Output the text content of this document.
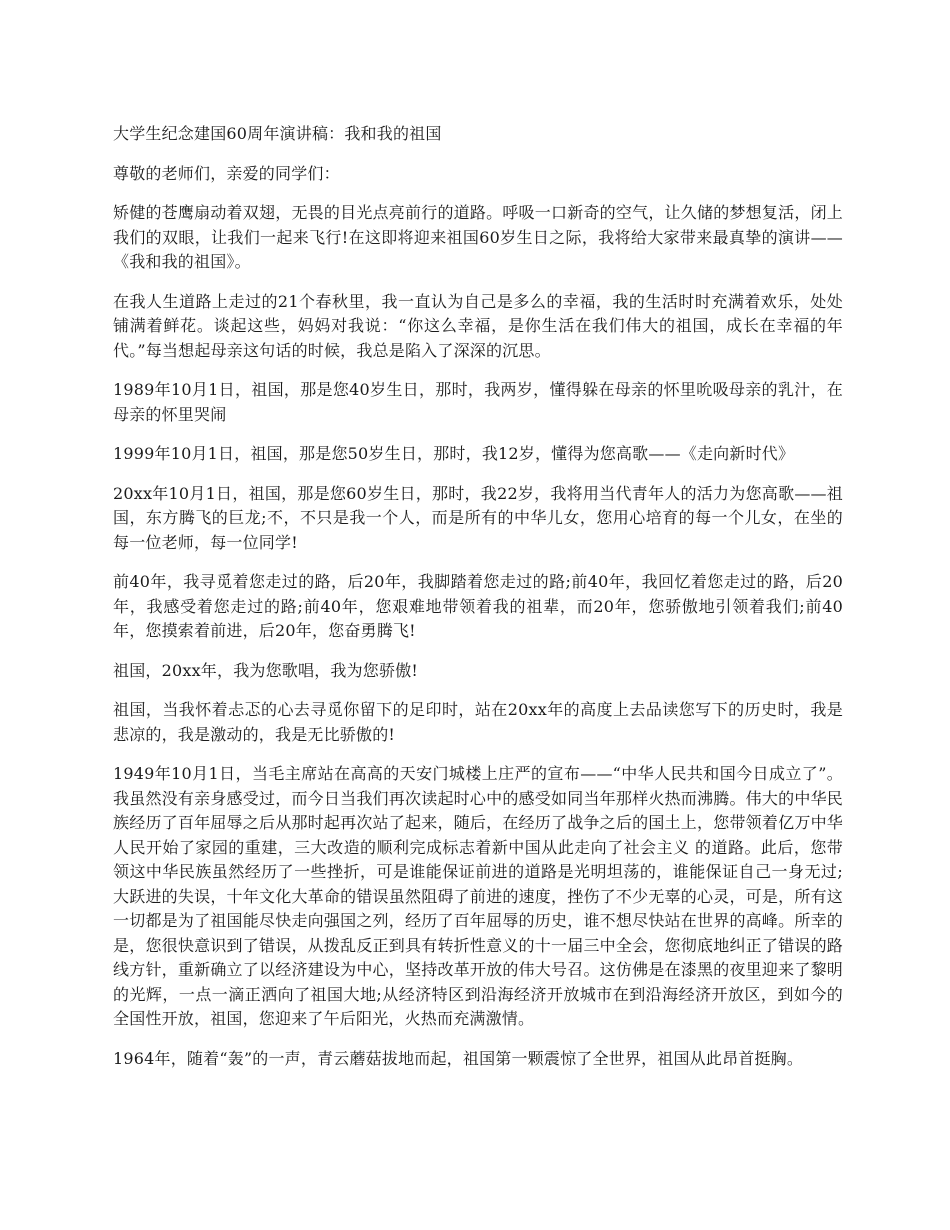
大学生纪念建国60周年演讲稿：我和我的祖国

尊敬的老师们，亲爱的同学们：

矫健的苍鹰扇动着双翅，无畏的目光点亮前行的道路。呼吸一口新奇的空气，让久储的梦想复活，闭上我们的双眼，让我们一起来飞行!在这即将迎来祖国60岁生日之际，我将给大家带来最真挚的演讲——《我和我的祖国》。

在我人生道路上走过的21个春秋里，我一直认为自己是多么的幸福，我的生活时时充满着欢乐，处处铺满着鲜花。谈起这些，妈妈对我说：“你这么幸福，是你生活在我们伟大的祖国，成长在幸福的年代。”每当想起母亲这句话的时候，我总是陷入了深深的沉思。

1989年10月1日，祖国，那是您40岁生日，那时，我两岁，懂得躲在母亲的怀里吮吸母亲的乳汁，在母亲的怀里哭闹

1999年10月1日，祖国，那是您50岁生日，那时，我12岁，懂得为您高歌——《走向新时代》

20xx年10月1日，祖国，那是您60岁生日，那时，我22岁，我将用当代青年人的活力为您高歌——祖国，东方腾飞的巨龙;不，不只是我一个人，而是所有的中华儿女，您用心培育的每一个儿女，在坐的每一位老师，每一位同学!

前40年，我寻觅着您走过的路，后20年，我脚踏着您走过的路;前40年，我回忆着您走过的路，后20年，我感受着您走过的路;前40年，您艰难地带领着我的祖辈，而20年，您骄傲地引领着我们;前40年，您摸索着前进，后20年，您奋勇腾飞!

祖国，20xx年，我为您歌唱，我为您骄傲!

祖国，当我怀着忐忑的心去寻觅你留下的足印时，站在20xx年的高度上去品读您写下的历史时，我是悲凉的，我是激动的，我是无比骄傲的!

1949年10月1日，当毛主席站在高高的天安门城楼上庄严的宣布——“中华人民共和国今日成立了”。我虽然没有亲身感受过，而今日当我们再次读起时心中的感受如同当年那样火热而沸腾。伟大的中华民族经历了百年屈辱之后从那时起再次站了起来，随后，在经历了战争之后的国土上，您带领着亿万中华人民开始了家园的重建，三大改造的顺利完成标志着新中国从此走向了社会主义 的道路。此后，您带领这中华民族虽然经历了一些挫折，可是谁能保证前进的道路是光明坦荡的，谁能保证自己一身无过;大跃进的失误，十年文化大革命的错误虽然阻碍了前进的速度，挫伤了不少无辜的心灵，可是，所有这一切都是为了祖国能尽快走向强国之列，经历了百年屈辱的历史，谁不想尽快站在世界的高峰。所幸的是，您很快意识到了错误，从拨乱反正到具有转折性意义的十一届三中全会，您彻底地纠正了错误的路线方针，重新确立了以经济建设为中心，坚持改革开放的伟大号召。这仿佛是在漆黑的夜里迎来了黎明的光辉，一点一滴正洒向了祖国大地;从经济特区到沿海经济开放城市在到沿海经济开放区，到如今的全国性开放，祖国，您迎来了午后阳光，火热而充满激情。

1964年，随着“轰”的一声，青云蘑菇拔地而起，祖国第一颗震惊了全世界，祖国从此昂首挺胸。
